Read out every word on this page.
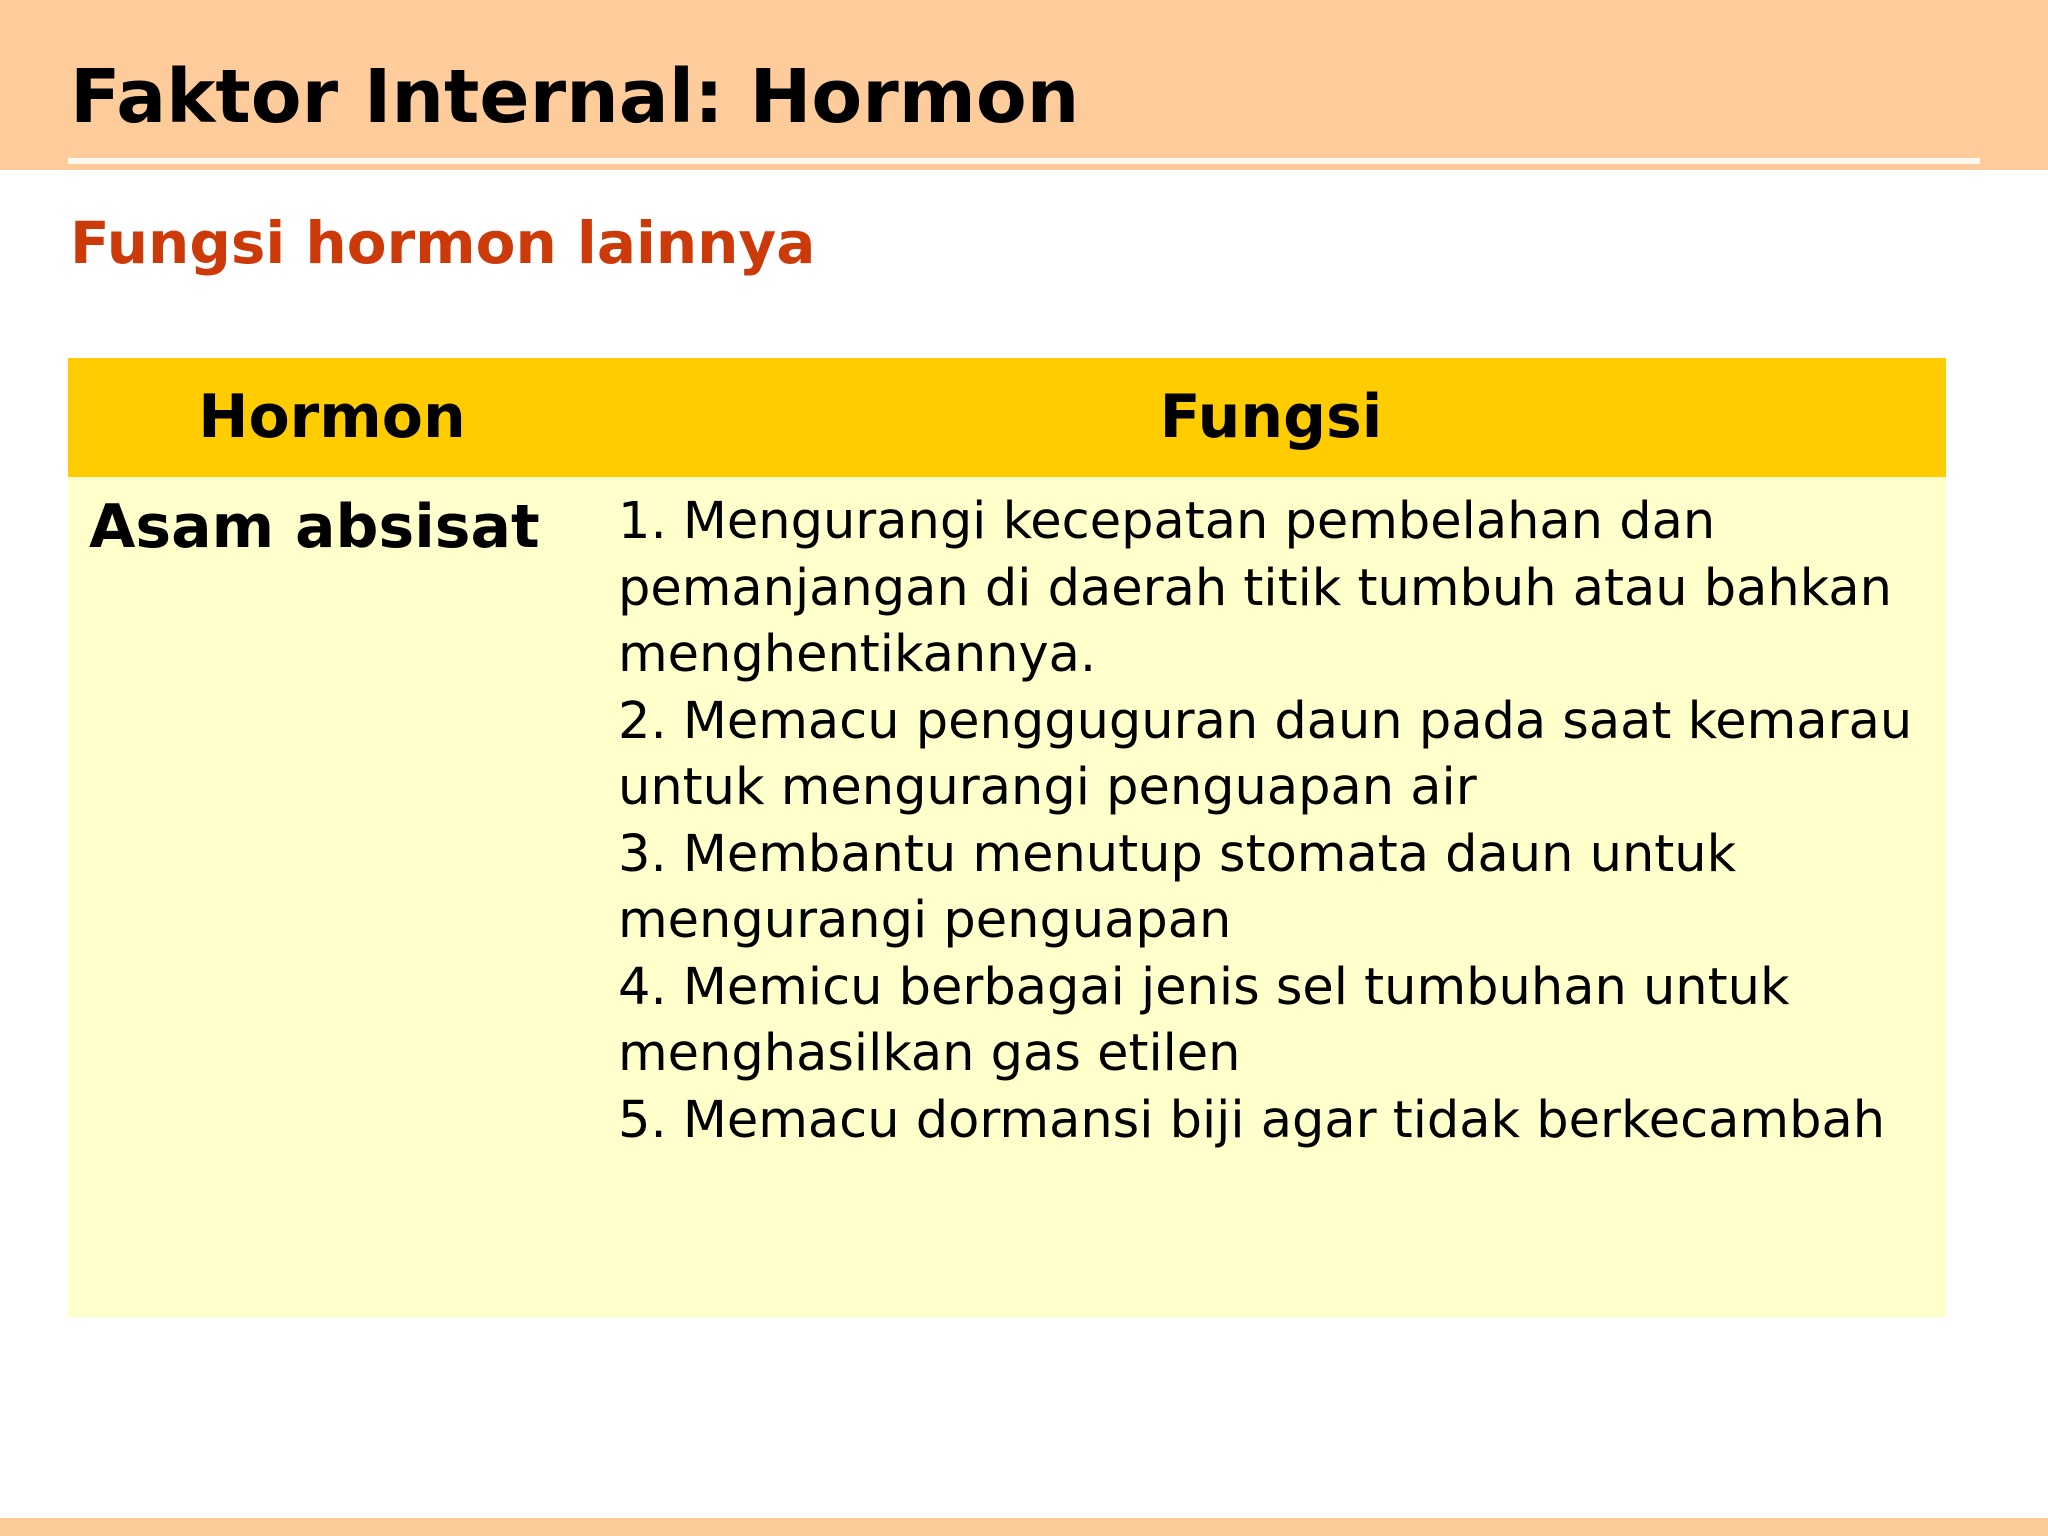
Faktor Internal: Hormon
Fungsi hormon lainnya
Hormon	Fungsi
Asam absisat 1. Mengurangi kecepatan pembelahan dan
pemanjangan di daerah titik tumbuh atau bahkan
menghentikannya.
2. Memacu pengguguran daun pada saat kemarau
untuk mengurangi penguapan air
3. Membantu menutup stomata daun untuk
mengurangi penguapan
4. Memicu berbagai jenis sel tumbuhan untuk
menghasilkan gas etilen
5. Memacu dormansi biji agar tidak berkecambah
